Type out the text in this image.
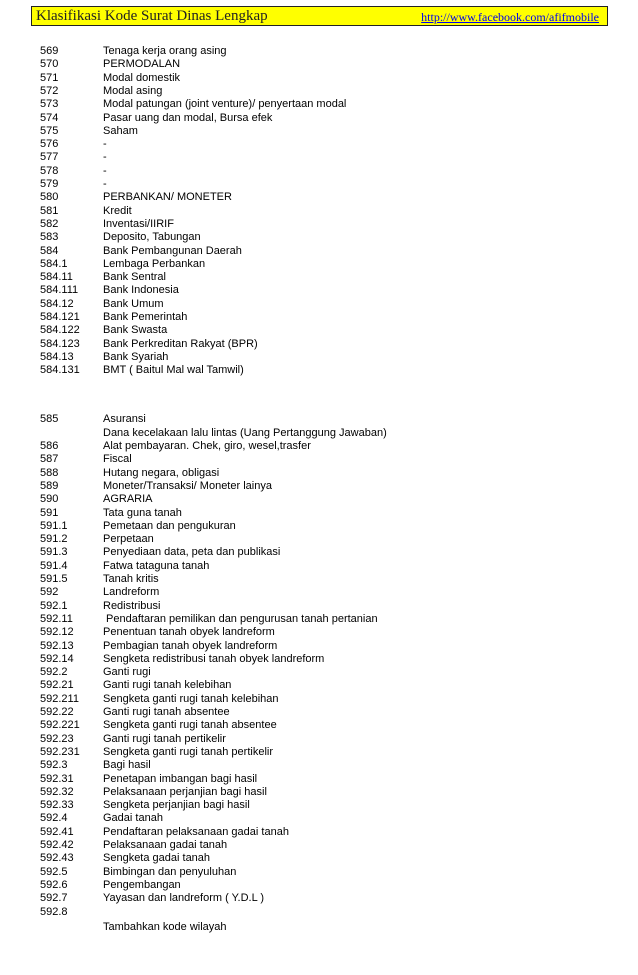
Klasifikasi Kode Surat Dinas Lengkap	http://www.facebook.com/afifmobile
569	Tenaga kerja orang asing
570	PERMODALAN
571	Modal domestik
572	Modal asing
573	Modal patungan (joint venture)/ penyertaan modal
574	Pasar uang dan modal, Bursa efek
575	Saham
576	-
577	-
578	-
579	-
580	PERBANKAN/ MONETER
581	Kredit
582	Inventasi/IIRIF
583	Deposito, Tabungan
584	Bank Pembangunan Daerah
584.1	Lembaga Perbankan
584.11	Bank Sentral
584.111 Bank Indonesia
584.12	Bank Umum
584.121 Bank Pemerintah
584.122 Bank Swasta
584.123 Bank Perkreditan Rakyat (BPR)
584.13	Bank Syariah
584.131 BMT ( Baitul Mal wal Tamwil)
585	Asuransi
Dana kecelakaan lalu lintas (Uang Pertanggung Jawaban)
586	Alat pembayaran. Chek, giro, wesel,trasfer
587	Fiscal
588	Hutang negara, obligasi
589	Moneter/Transaksi/ Moneter lainya
590	AGRARIA
591	Tata guna tanah
591.1	Pemetaan dan pengukuran
591.2	Perpetaan
591.3	Penyediaan data, peta dan publikasi
591.4	Fatwa tataguna tanah
591.5	Tanah kritis
592	Landreform
592.1	Redistribusi
592.11	Pendaftaran pemilikan dan pengurusan tanah pertanian
592.12	Penentuan tanah obyek landreform
592.13	Pembagian tanah obyek landreform
592.14	Sengketa redistribusi tanah obyek landreform
592.2	Ganti rugi
592.21	Ganti rugi tanah kelebihan
592.211 Sengketa ganti rugi tanah kelebihan
592.22	Ganti rugi tanah absentee
592.221 Sengketa ganti rugi tanah absentee
592.23	Ganti rugi tanah pertikelir
592.231 Sengketa ganti rugi tanah pertikelir
592.3	Bagi hasil
592.31	Penetapan imbangan bagi hasil
592.32	Pelaksanaan perjanjian bagi hasil
592.33	Sengketa perjanjian bagi hasil
592.4	Gadai tanah
592.41	Pendaftaran pelaksanaan gadai tanah
592.42	Pelaksanaan gadai tanah
592.43	Sengketa gadai tanah
592.5	Bimbingan dan penyuluhan
592.6	Pengembangan
592.7	Yayasan dan landreform ( Y.D.L )
592.8
Tambahkan kode wilayah
